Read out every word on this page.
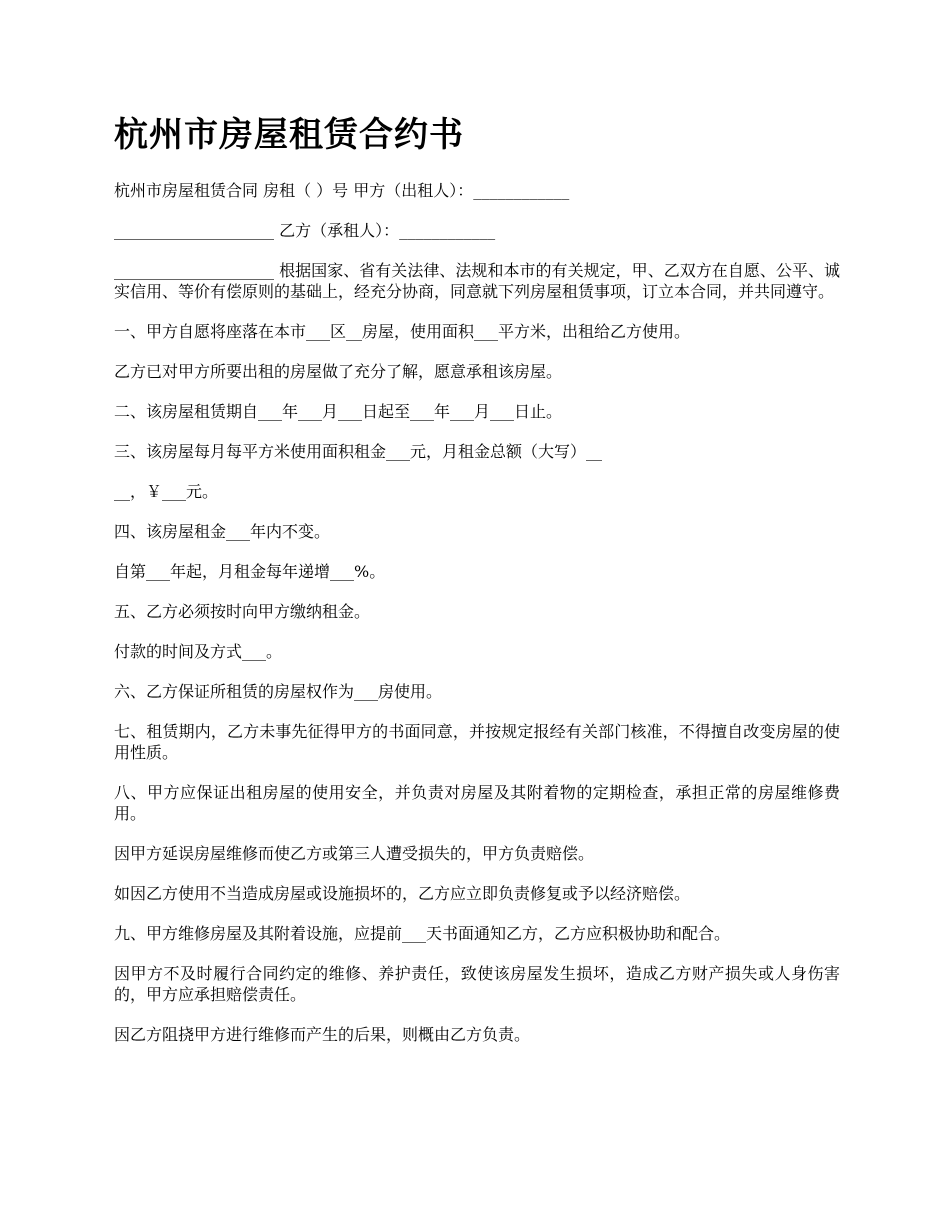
杭州市房屋租赁合约书

杭州市房屋租赁合同 房租（ ）号 甲方（出租人）：____________

____________________ 乙方（承租人）：____________

____________________ 根据国家、省有关法律、法规和本市的有关规定，甲、乙双方在自愿、公平、诚实信用、等价有偿原则的基础上，经充分协商，同意就下列房屋租赁事项，订立本合同，并共同遵守。

一、甲方自愿将座落在本市___区__房屋，使用面积___平方米，出租给乙方使用。

乙方已对甲方所要出租的房屋做了充分了解，愿意承租该房屋。

二、该房屋租赁期自___年___月___日起至___年___月___日止。

三、该房屋每月每平方米使用面积租金___元，月租金总额（大写）__

__，￥___元。

四、该房屋租金___年内不变。

自第___年起，月租金每年递增___%。

五、乙方必须按时向甲方缴纳租金。

付款的时间及方式___。

六、乙方保证所租赁的房屋权作为___房使用。

七、租赁期内，乙方未事先征得甲方的书面同意，并按规定报经有关部门核准，不得擅自改变房屋的使用性质。

八、甲方应保证出租房屋的使用安全，并负责对房屋及其附着物的定期检查，承担正常的房屋维修费用。

因甲方延误房屋维修而使乙方或第三人遭受损失的，甲方负责赔偿。

如因乙方使用不当造成房屋或设施损坏的，乙方应立即负责修复或予以经济赔偿。

九、甲方维修房屋及其附着设施，应提前___天书面通知乙方，乙方应积极协助和配合。

因甲方不及时履行合同约定的维修、养护责任，致使该房屋发生损坏，造成乙方财产损失或人身伤害的，甲方应承担赔偿责任。

因乙方阻挠甲方进行维修而产生的后果，则概由乙方负责。
